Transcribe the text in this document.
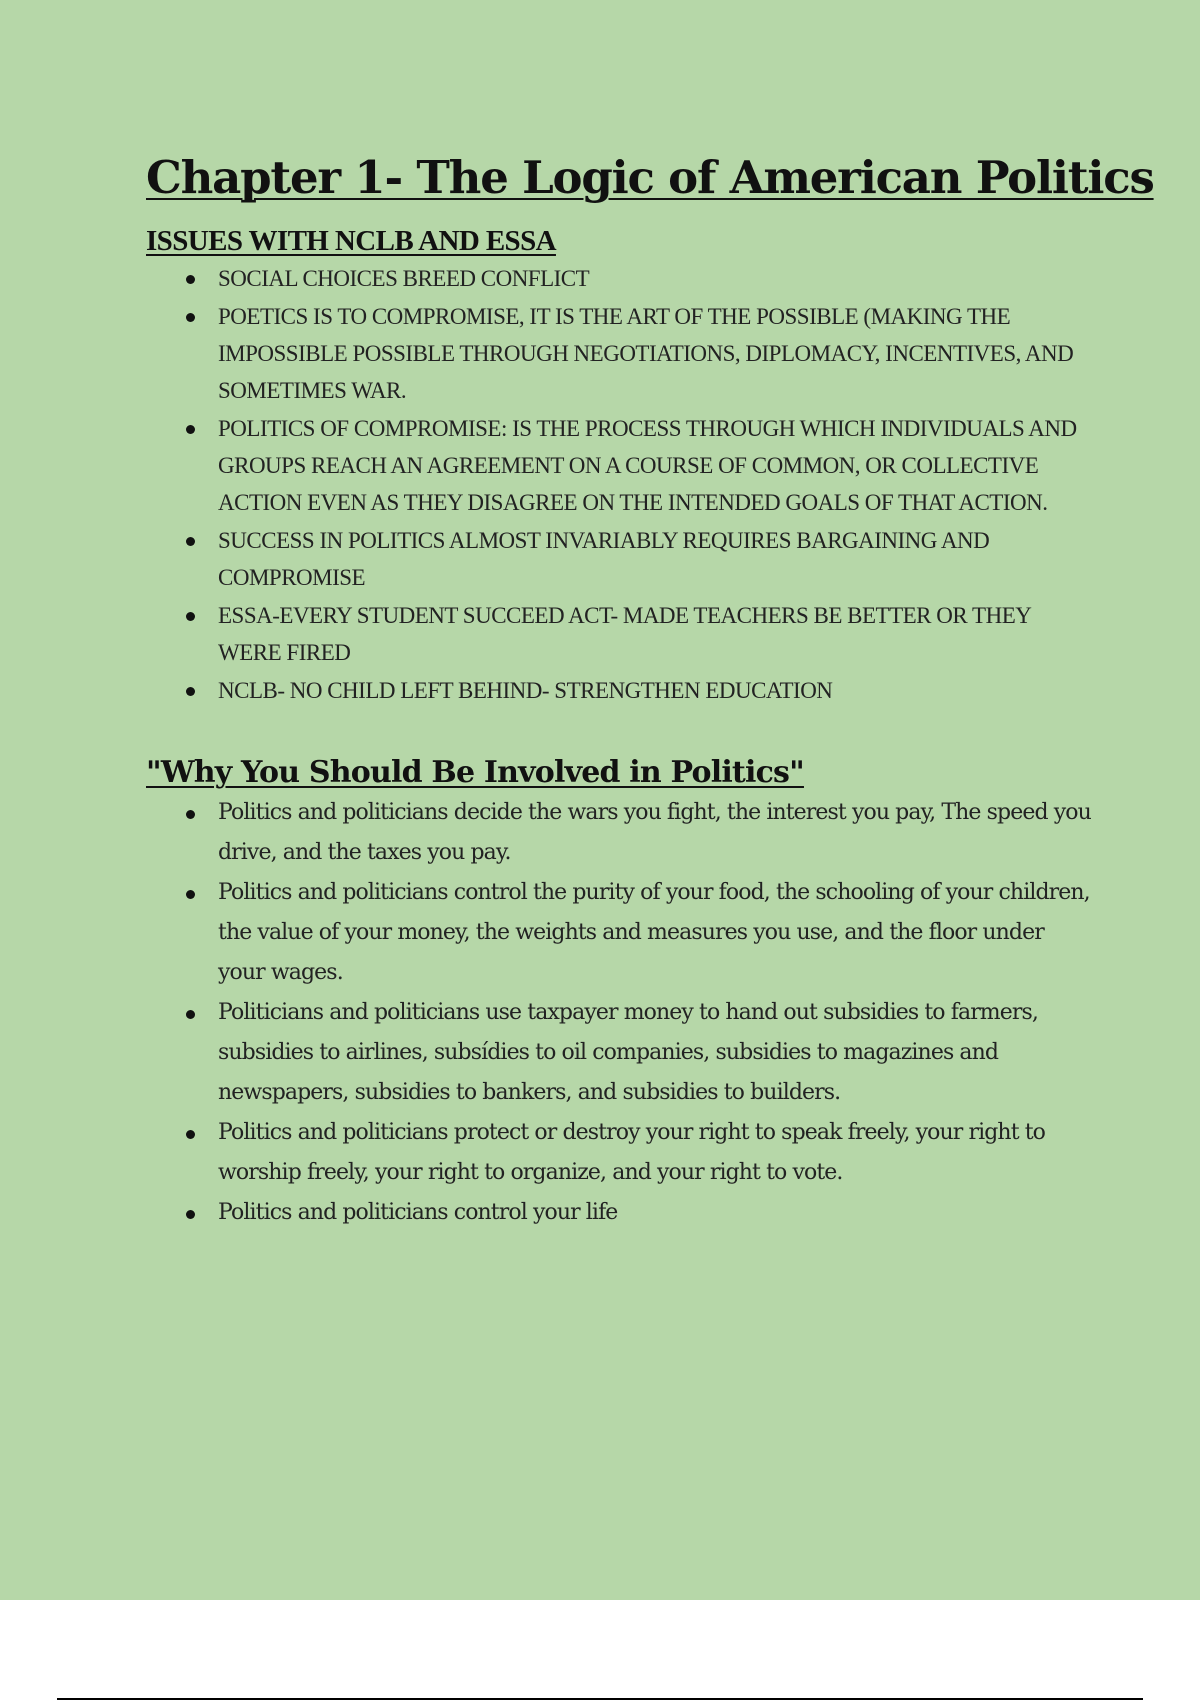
Chapter 1- The Logic of American Politics
ISSUES WITH NCLB AND ESSA
SOCIAL CHOICES BREED CONFLICT
POETICS IS TO COMPROMISE, IT IS THE ART OF THE POSSIBLE (MAKING THE IMPOSSIBLE POSSIBLE THROUGH NEGOTIATIONS, DIPLOMACY, INCENTIVES, AND SOMETIMES WAR.
POLITICS OF COMPROMISE: IS THE PROCESS THROUGH WHICH INDIVIDUALS AND GROUPS REACH AN AGREEMENT ON A COURSE OF COMMON, OR COLLECTIVE ACTION EVEN AS THEY DISAGREE ON THE INTENDED GOALS OF THAT ACTION.
SUCCESS IN POLITICS ALMOST INVARIABLY REQUIRES BARGAINING AND COMPROMISE
ESSA-EVERY STUDENT SUCCEED ACT- MADE TEACHERS BE BETTER OR THEY WERE FIRED
NCLB- NO CHILD LEFT BEHIND- STRENGTHEN EDUCATION
"Why You Should Be Involved in Politics"
Politics and politicians decide the wars you fight, the interest you pay, The speed you drive, and the taxes you pay.
Politics and politicians control the purity of your food, the schooling of your children, the value of your money, the weights and measures you use, and the floor under your wages.
Politicians and politicians use taxpayer money to hand out subsidies to farmers, subsidies to airlines, subsídies to oil companies, subsidies to magazines and newspapers, subsidies to bankers, and subsidies to builders.
Politics and politicians protect or destroy your right to speak freely, your right to worship freely, your right to organize, and your right to vote.
Politics and politicians control your life
